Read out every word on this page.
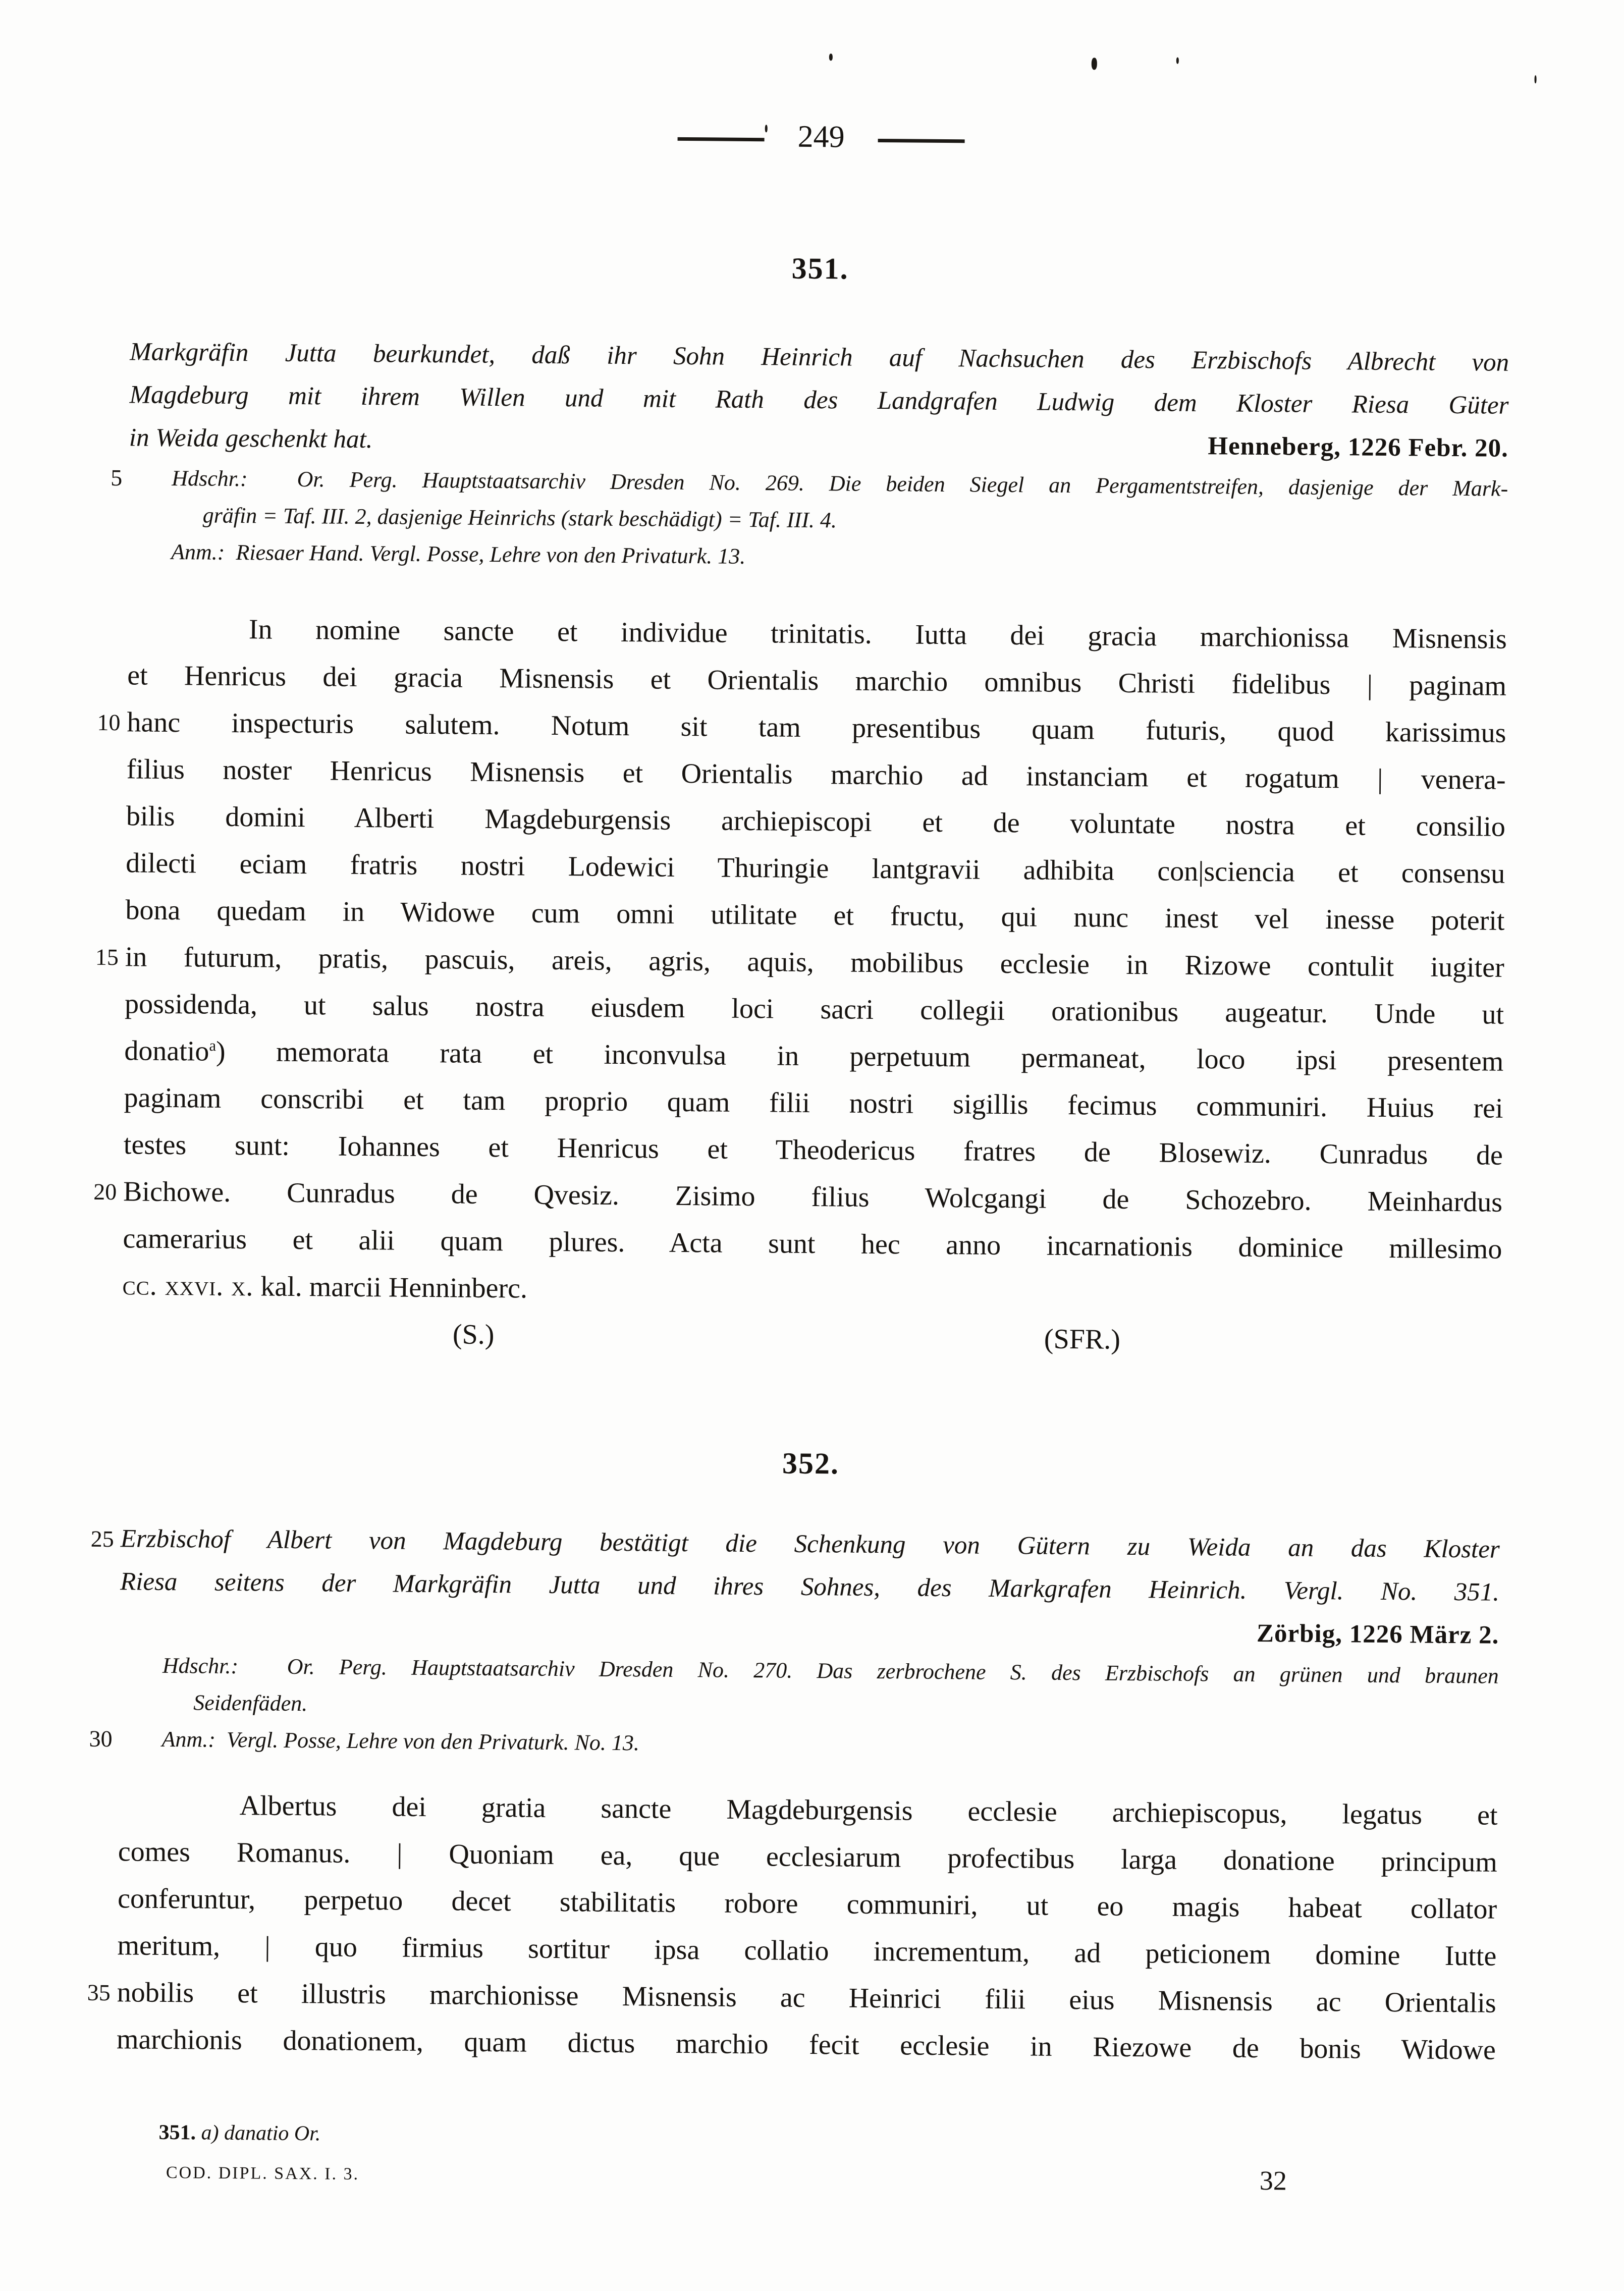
249
351.
Markgräfin Jutta beurkundet, daß ihr Sohn Heinrich auf Nachsuchen des Erzbischofs Albrecht von
Magdeburg mit ihrem Willen und mit Rath des Landgrafen Ludwig dem Kloster Riesa Güter
in Weida geschenkt hat.	Henneberg, 1226 Febr. 20.
Hdschr.: Or. Perg. Hauptstaatsarchiv Dresden No. 269. Die beiden Siegel an Pergamentstreifen, dasjenige der Mark-
gräfin = Taf. III. 2, dasjenige Heinrichs (stark beschädigt) = Taf. III. 4.
Anm.: Riesaer Hand. Vergl. Posse, Lehre von den Privaturk. 13.
In nomine sancte et individue trinitatis. Iutta dei gracia marchionissa Misnensis
et Henricus dei gracia Misnensis et Orientalis marchio omnibus Christi fidelibus | paginam
hanc inspecturis salutem. Notum sit tam presentibus quam futuris, quod karissimus
filius noster Henricus Misnensis et Orientalis marchio ad instanciam et rogatum | venera-
bilis domini Alberti Magdeburgensis archiepiscopi et de voluntate nostra et consilio
dilecti eciam fratris nostri Lodewici Thuringie lantgravii adhibita con|sciencia et consensu
bona quedam in Widowe cum omni utilitate et fructu, qui nunc inest vel inesse poterit
in futurum, pratis, pascuis, areis, agris, aquis, mobilibus ecclesie in Rizowe contulit iugiter
possidenda, ut salus nostra eiusdem loci sacri collegii orationibus augeatur. Unde ut
donatio$^a$) memorata rata et inconvulsa in perpetuum permaneat, loco ipsi presentem
paginam conscribi et tam proprio quam filii nostri sigillis fecimus communiri. Huius rei
testes sunt: Iohannes et Henricus et Theodericus fratres de Blosewiz. Cunradus de
Bichowe. Cunradus de Qvesiz. Zisimo filius Wolcgangi de Schozebro. Meinhardus
camerarius et alii quam plures. Acta sunt hec anno incarnationis dominice millesimo
cc. xxvi. x. kal. marcii Henninberc.
(S.)	(SFR.)
352.
Erzbischof Albert von Magdeburg bestätigt die Schenkung von Gütern zu Weida an das Kloster
Riesa seitens der Markgräfin Jutta und ihres Sohnes, des Markgrafen Heinrich. Vergl. No. 351.
Zörbig, 1226 März 2.
Hdschr.: Or. Perg. Hauptstaatsarchiv Dresden No. 270. Das zerbrochene S. des Erzbischofs an grünen und braunen
Seidenfäden.
Anm.: Vergl. Posse, Lehre von den Privaturk. No. 13.
Albertus dei gratia sancte Magdeburgensis ecclesie archiepiscopus, legatus et
comes Romanus. | Quoniam ea, que ecclesiarum profectibus larga donatione principum
conferuntur, perpetuo decet stabilitatis robore communiri, ut eo magis habeat collator
meritum, | quo firmius sortitur ipsa collatio incrementum, ad peticionem domine Iutte
nobilis et illustris marchionisse Misnensis ac Heinrici filii eius Misnensis ac Orientalis
marchionis donationem, quam dictus marchio fecit ecclesie in Riezowe de bonis Widowe
5
10
15
20
25
30
35
351. a) danatio Or.
COD. DIPL. SAX. I. 3.	32
